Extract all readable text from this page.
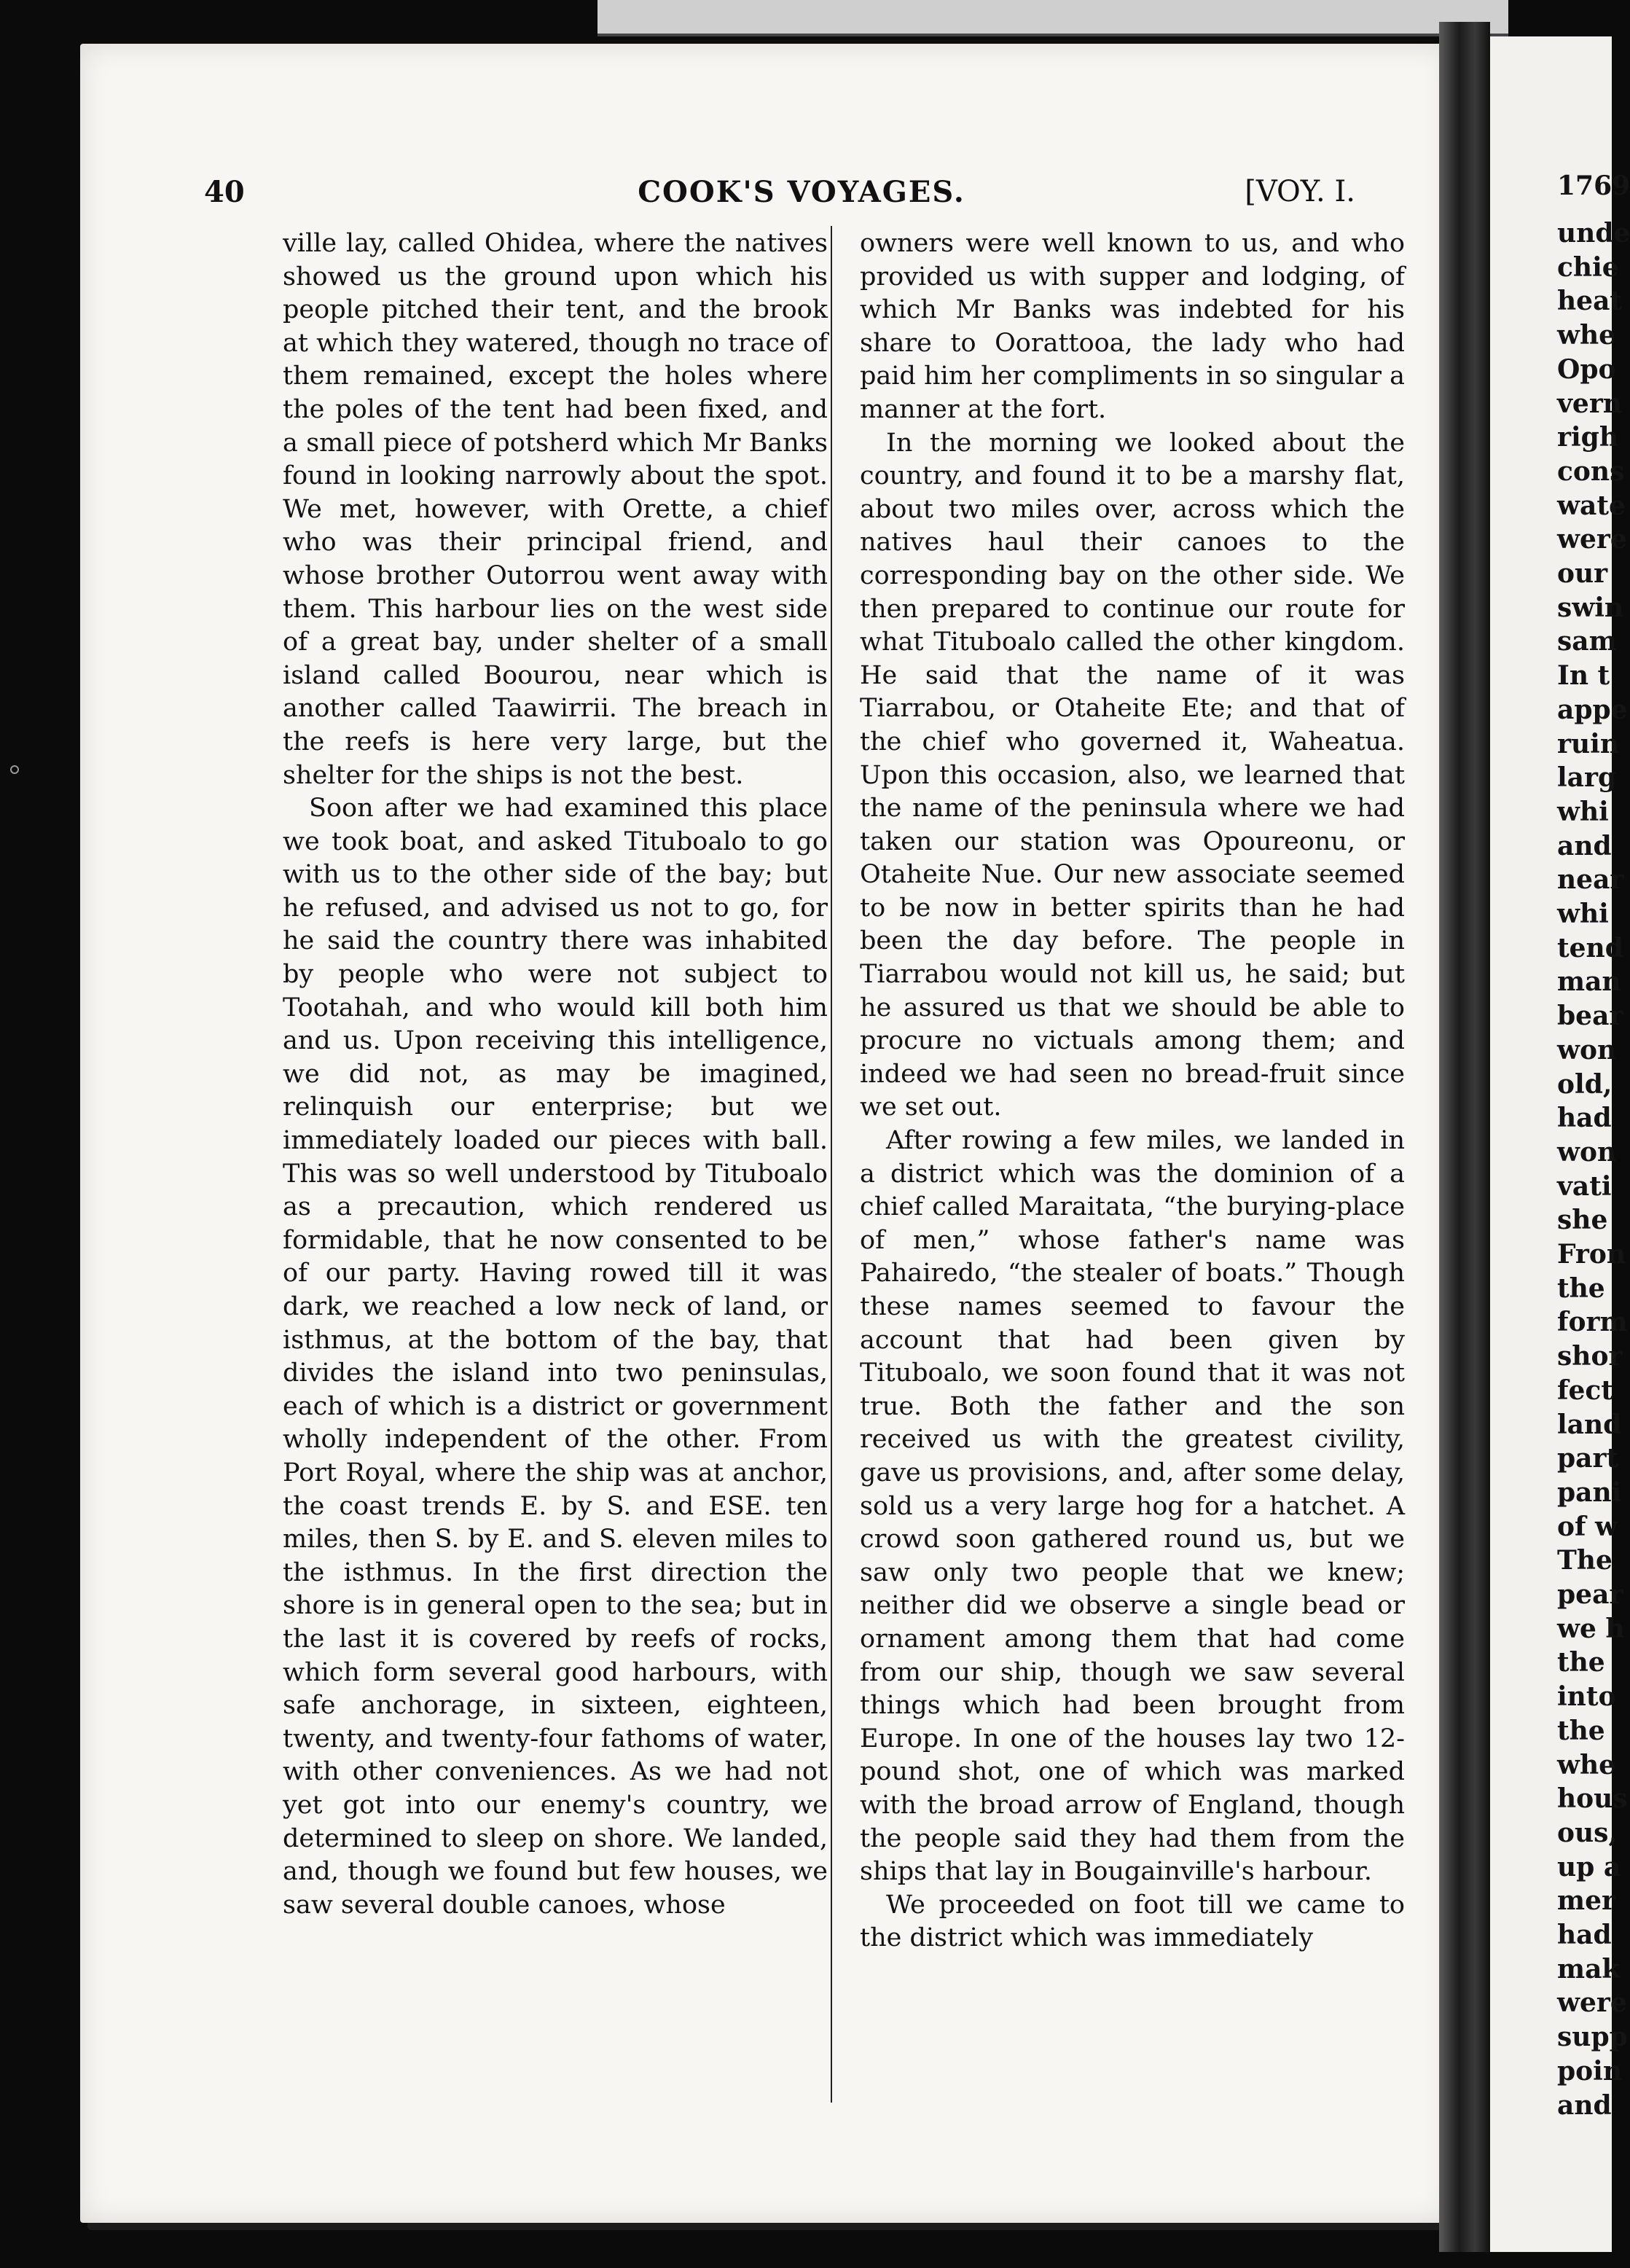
40	COOK'S VOYAGES.	[VOY. I.

ville lay, called Ohidea, where the natives showed us the ground upon which his people pitched their tent, and the brook at which they watered, though no trace of them remained, except the holes where the poles of the tent had been fixed, and a small piece of potsherd which Mr Banks found in looking narrowly about the spot. We met, however, with Orette, a chief who was their principal friend, and whose brother Outorrou went away with them. This harbour lies on the west side of a great bay, under shelter of a small island called Boourou, near which is another called Taawirrii. The breach in the reefs is here very large, but the shelter for the ships is not the best.

Soon after we had examined this place we took boat, and asked Tituboalo to go with us to the other side of the bay; but he refused, and advised us not to go, for he said the country there was inhabited by people who were not subject to Tootahah, and who would kill both him and us. Upon receiving this intelligence, we did not, as may be imagined, relinquish our enterprise; but we immediately loaded our pieces with ball. This was so well understood by Tituboalo as a precaution, which rendered us formidable, that he now consented to be of our party. Having rowed till it was dark, we reached a low neck of land, or isthmus, at the bottom of the bay, that divides the island into two peninsulas, each of which is a district or government wholly independent of the other. From Port Royal, where the ship was at anchor, the coast trends E. by S. and ESE. ten miles, then S. by E. and S. eleven miles to the isthmus. In the first direction the shore is in general open to the sea; but in the last it is covered by reefs of rocks, which form several good harbours, with safe anchorage, in sixteen, eighteen, twenty, and twenty-four fathoms of water, with other conveniences. As we had not yet got into our enemy's country, we determined to sleep on shore. We landed, and, though we found but few houses, we saw several double canoes, whose

owners were well known to us, and who provided us with supper and lodging, of which Mr Banks was indebted for his share to Oorattooa, the lady who had paid him her compliments in so singular a manner at the fort.

In the morning we looked about the country, and found it to be a marshy flat, about two miles over, across which the natives haul their canoes to the corresponding bay on the other side. We then prepared to continue our route for what Tituboalo called the other kingdom. He said that the name of it was Tiarrabou, or Otaheite Ete; and that of the chief who governed it, Waheatua. Upon this occasion, also, we learned that the name of the peninsula where we had taken our station was Opoureonu, or Otaheite Nue. Our new associate seemed to be now in better spirits than he had been the day before. The people in Tiarrabou would not kill us, he said; but he assured us that we should be able to procure no victuals among them; and indeed we had seen no bread-fruit since we set out.

After rowing a few miles, we landed in a district which was the dominion of a chief called Maraitata, “the burying-place of men,” whose father's name was Pahairedo, “the stealer of boats.” Though these names seemed to favour the account that had been given by Tituboalo, we soon found that it was not true. Both the father and the son received us with the greatest civility, gave us provisions, and, after some delay, sold us a very large hog for a hatchet. A crowd soon gathered round us, but we saw only two people that we knew; neither did we observe a single bead or ornament among them that had come from our ship, though we saw several things which had been brought from Europe. In one of the houses lay two 12-pound shot, one of which was marked with the broad arrow of England, though the people said they had them from the ships that lay in Bougainville's harbour.

We proceeded on foot till we came to the district which was immediately

1769
unde
chie
heat
whe
Opo
vern
righ
cons
wate
were
our
swin
sam
In t
appe
ruin
larg
whi
and
near
whi
tend
man
bear
won
old,
had
won
vati
she
Fron
the
form
shor
fect
land
part
pani
of w
The
pear
we h
the
into
the
whe
hous
ous,
up a
mer
had
mak
were
supp
poin
and
